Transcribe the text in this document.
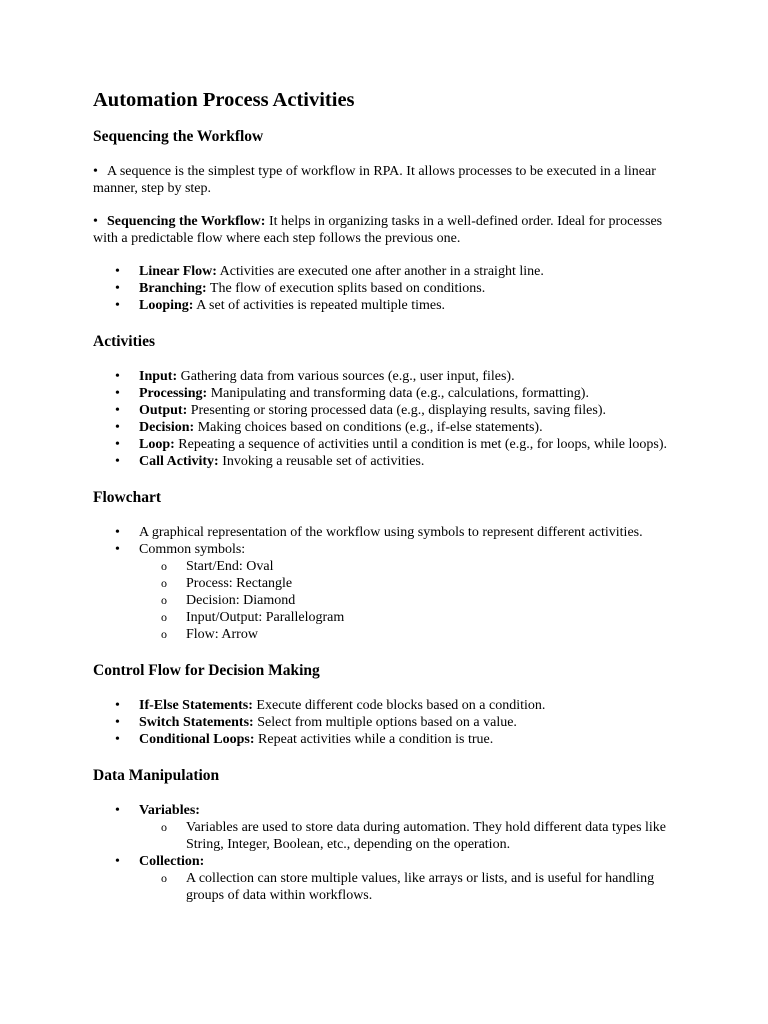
Automation Process Activities
Sequencing the Workflow

• A sequence is the simplest type of workflow in RPA. It allows processes to be executed in a linear manner, step by step.

• Sequencing the Workflow: It helps in organizing tasks in a well-defined order. Ideal for processes with a predictable flow where each step follows the previous one.

• Linear Flow: Activities are executed one after another in a straight line.
• Branching: The flow of execution splits based on conditions.
• Looping: A set of activities is repeated multiple times.
Activities
• Input: Gathering data from various sources (e.g., user input, files).
• Processing: Manipulating and transforming data (e.g., calculations, formatting).
• Output: Presenting or storing processed data (e.g., displaying results, saving files).
• Decision: Making choices based on conditions (e.g., if-else statements).
• Loop: Repeating a sequence of activities until a condition is met (e.g., for loops, while loops).
• Call Activity: Invoking a reusable set of activities.
Flowchart
• A graphical representation of the workflow using symbols to represent different activities.
• Common symbols:
o Start/End: Oval
o Process: Rectangle
o Decision: Diamond
o Input/Output: Parallelogram
o Flow: Arrow
Control Flow for Decision Making
• If-Else Statements: Execute different code blocks based on a condition.
• Switch Statements: Select from multiple options based on a value.
• Conditional Loops: Repeat activities while a condition is true.
Data Manipulation
• Variables:
o Variables are used to store data during automation. They hold different data types like String, Integer, Boolean, etc., depending on the operation.
• Collection:
o A collection can store multiple values, like arrays or lists, and is useful for handling groups of data within workflows.
